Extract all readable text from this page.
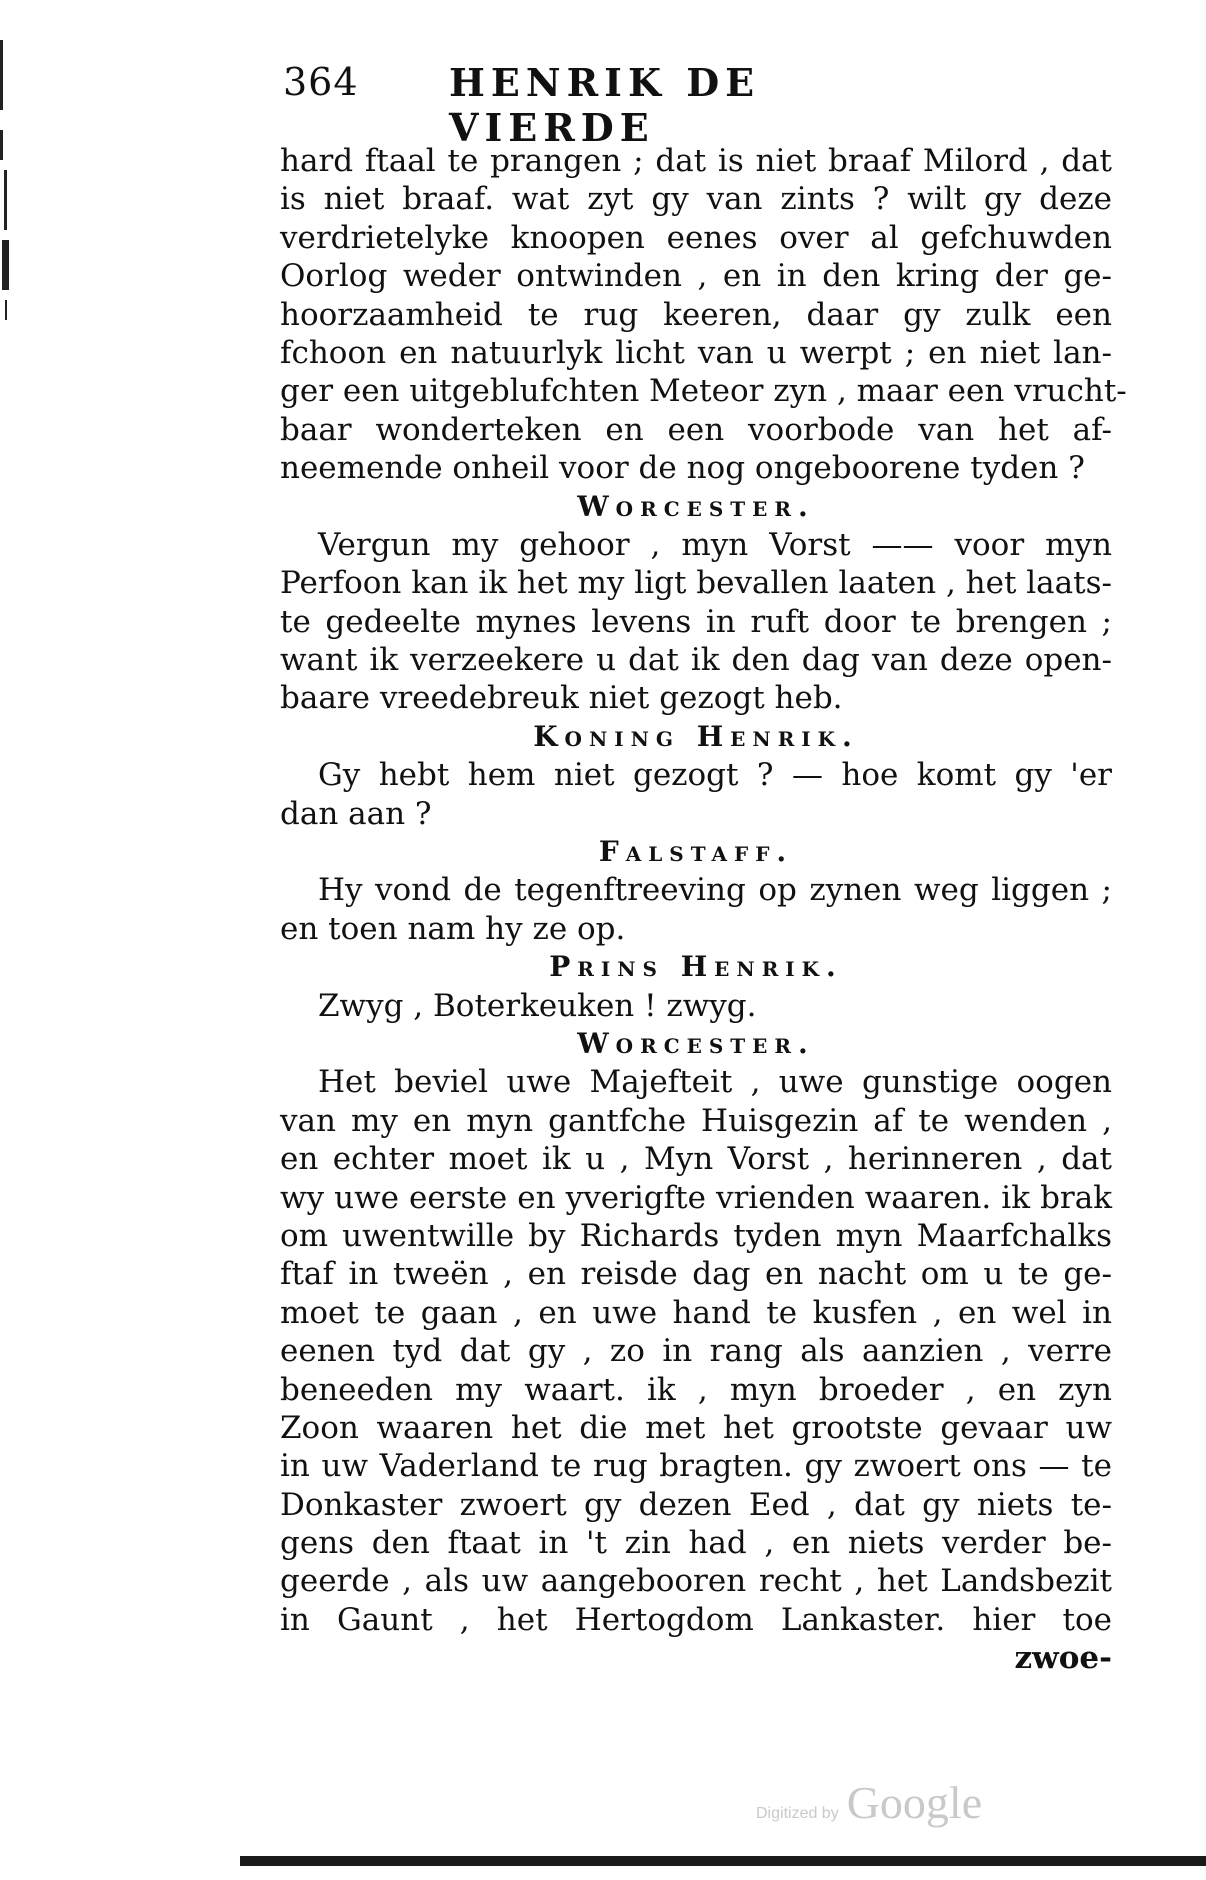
364 HENRIK DE VIERDE
hard ftaal te prangen ; dat is niet braaf Milord , dat
is niet braaf. wat zyt gy van zints ? wilt gy deze
verdrietelyke knoopen eenes over al gefchuwden
Oorlog weder ontwinden , en in den kring der ge-
hoorzaamheid te rug keeren, daar gy zulk een
fchoon en natuurlyk licht van u werpt ; en niet lan-
ger een uitgeblufchten Meteor zyn , maar een vrucht-
baar wonderteken en een voorbode van het af-
neemende onheil voor de nog ongeboorene tyden ?
Worcester.
Vergun my gehoor , myn Vorst —— voor myn
Perfoon kan ik het my ligt bevallen laaten , het laats-
te gedeelte mynes levens in ruft door te brengen ;
want ik verzeekere u dat ik den dag van deze open-
baare vreedebreuk niet gezogt heb.
Koning Henrik.
Gy hebt hem niet gezogt ? — hoe komt gy 'er
dan aan ?
Falstaff.
Hy vond de tegenftreeving op zynen weg liggen ;
en toen nam hy ze op.
Prins Henrik.
Zwyg , Boterkeuken ! zwyg.
Worcester.
Het beviel uwe Majefteit , uwe gunstige oogen
van my en myn gantfche Huisgezin af te wenden ,
en echter moet ik u , Myn Vorst , herinneren , dat
wy uwe eerste en yverigfte vrienden waaren. ik brak
om uwentwille by Richards tyden myn Maarfchalks
ftaf in tweën , en reisde dag en nacht om u te ge-
moet te gaan , en uwe hand te kusfen , en wel in
eenen tyd dat gy , zo in rang als aanzien , verre
beneeden my waart. ik , myn broeder , en zyn
Zoon waaren het die met het grootste gevaar uw
in uw Vaderland te rug bragten. gy zwoert ons — te
Donkaster zwoert gy dezen Eed , dat gy niets te-
gens den ftaat in 't zin had , en niets verder be-
geerde , als uw aangebooren recht , het Landsbezit
in Gaunt , het Hertogdom Lankaster. hier toe
zwoe-
Digitized by Google
